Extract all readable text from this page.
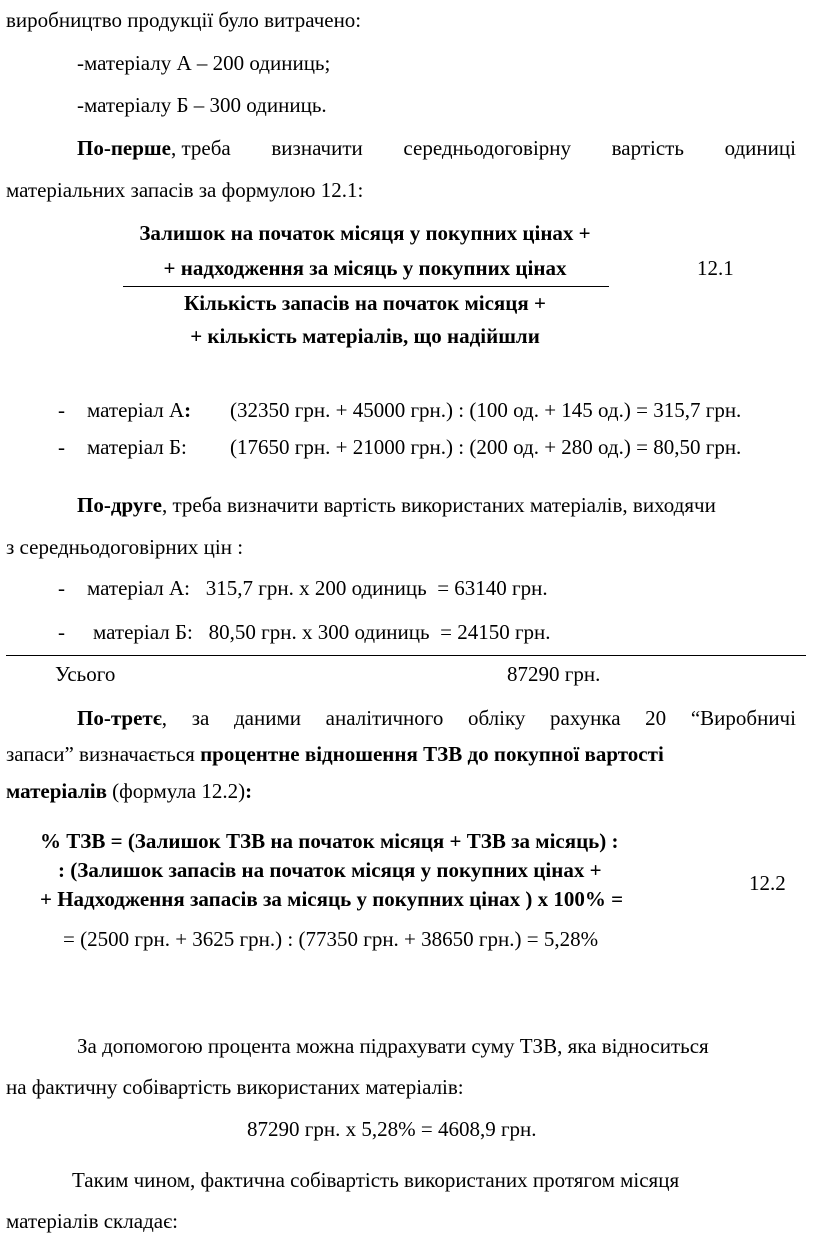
виробництво продукції було витрачено:
-матеріалу А – 200 одиниць;
-матеріалу Б – 300 одиниць.
По-перше, треба визначити середньодоговірну вартість одиниці
матеріальних запасів за формулою 12.1:
Залишок на початок місяця у покупних цінах +
+ надходження за місяць у покупних цінах
Кількість запасів на початок місяця +
+ кількість матеріалів, що надійшли
12.1
- матеріал А: (32350 грн. + 45000 грн.) : (100 од. + 145 од.) = 315,7 грн.
- матеріал Б: (17650 грн. + 21000 грн.) : (200 од. + 280 од.) = 80,50 грн.
По-друге, треба визначити вартість використаних матеріалів, виходячи
з середньодоговірних цін :
- матеріал А:   315,7 грн. х 200 одиниць  = 63140 грн.
- матеріал Б:   80,50 грн. х 300 одиниць  = 24150 грн.
Усього	87290 грн.
По-третє, за даними аналітичного обліку рахунка 20 “Виробничі
запаси” визначається процентне відношення ТЗВ до покупної вартості
матеріалів (формула 12.2):
% ТЗВ = (Залишок ТЗВ на початок місяця + ТЗВ за місяць) :
: (Залишок запасів на початок місяця у покупних цінах +
+ Надходження запасів за місяць у покупних цінах ) х 100% =
12.2
= (2500 грн. + 3625 грн.) : (77350 грн. + 38650 грн.) = 5,28%
За допомогою процента можна підрахувати суму ТЗВ, яка відноситься
на фактичну собівартість використаних матеріалів:
87290 грн. х 5,28% = 4608,9 грн.
Таким чином, фактична собівартість використаних протягом місяця
матеріалів складає:
